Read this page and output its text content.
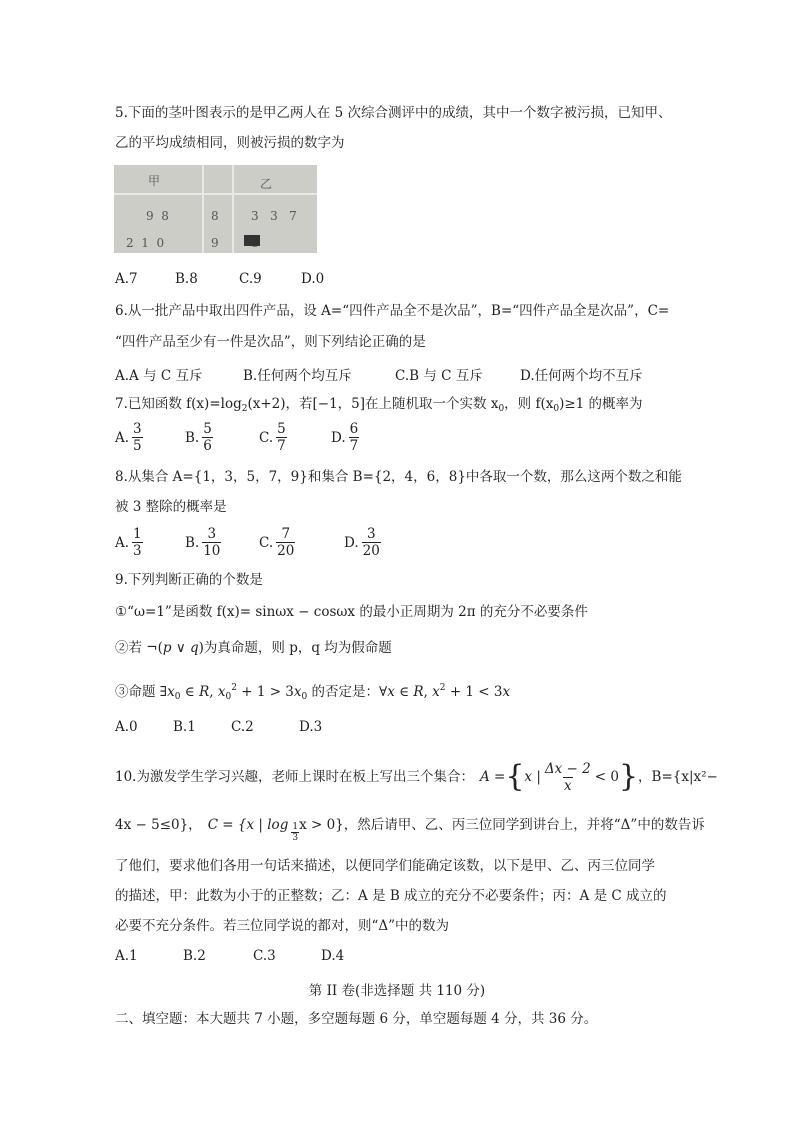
5.下面的茎叶图表示的是甲乙两人在 5 次综合测评中的成绩，其中一个数字被污损，已知甲、
乙的平均成绩相同，则被污损的数字为
甲	乙
9  8	8	3   3   7
2  1  0	9
A.7	B.8	C.9	D.0
6.从一批产品中取出四件产品，设 A=“四件产品全不是次品”，B=“四件产品全是次品”，C=
“四件产品至少有一件是次品”，则下列结论正确的是
A.A 与 C 互斥	B.任何两个均互斥	C.B 与 C 互斥	D.任何两个均不互斥
7.已知函数 $f(x)=\log_2(x+2)$，若[−1，5]在上随机取一个实数 $x_0$，则 $f(x_0)\ge 1$ 的概率为
A. $\frac{3}{5}$	B. $\frac{5}{6}$	C. $\frac{5}{7}$	D. $\frac{6}{7}$
8.从集合 A={1，3，5，7，9}和集合 B={2，4，6，8}中各取一个数，那么这两个数之和能
被 3 整除的概率是
A. $\frac{1}{3}$	B. $\frac{3}{10}$	C. $\frac{7}{20}$	D. $\frac{3}{20}$
9.下列判断正确的个数是
①“ω=1”是函数 f(x)= sinωx − cosωx 的最小正周期为 2π 的充分不必要条件
②若 ¬(p ∨ q)为真命题，则 p，q 均为假命题
③命题 $\exists x_0$ ∈ R, $x_0^2 + 1 > 3x_0$ 的否定是：∀x ∈ R, $x^2 + 1 < 3x$
A.0	B.1	C.2	D.3
10.为激发学生学习兴趣，老师上课时在板上写出三个集合： A = { x | $\frac{\Delta x - 2}{x} < 0$ } ，B={x|x²−
4x − 5≤0}， C = {x | $\log \frac{1}{3}$ x > 0}，然后请甲、乙、丙三位同学到讲台上，并将“Δ”中的数告诉
了他们，要求他们各用一句话来描述，以便同学们能确定该数，以下是甲、乙、丙三位同学
的描述，甲：此数为小于的正整数；乙：A 是 B 成立的充分不必要条件；丙：A 是 C 成立的
必要不充分条件。若三位同学说的都对，则“Δ”中的数为
A.1	B.2	C.3	D.4
第 II 卷(非选择题 共 110 分)
二、填空题：本大题共 7 小题，多空题每题 6 分，单空题每题 4 分，共 36 分。
